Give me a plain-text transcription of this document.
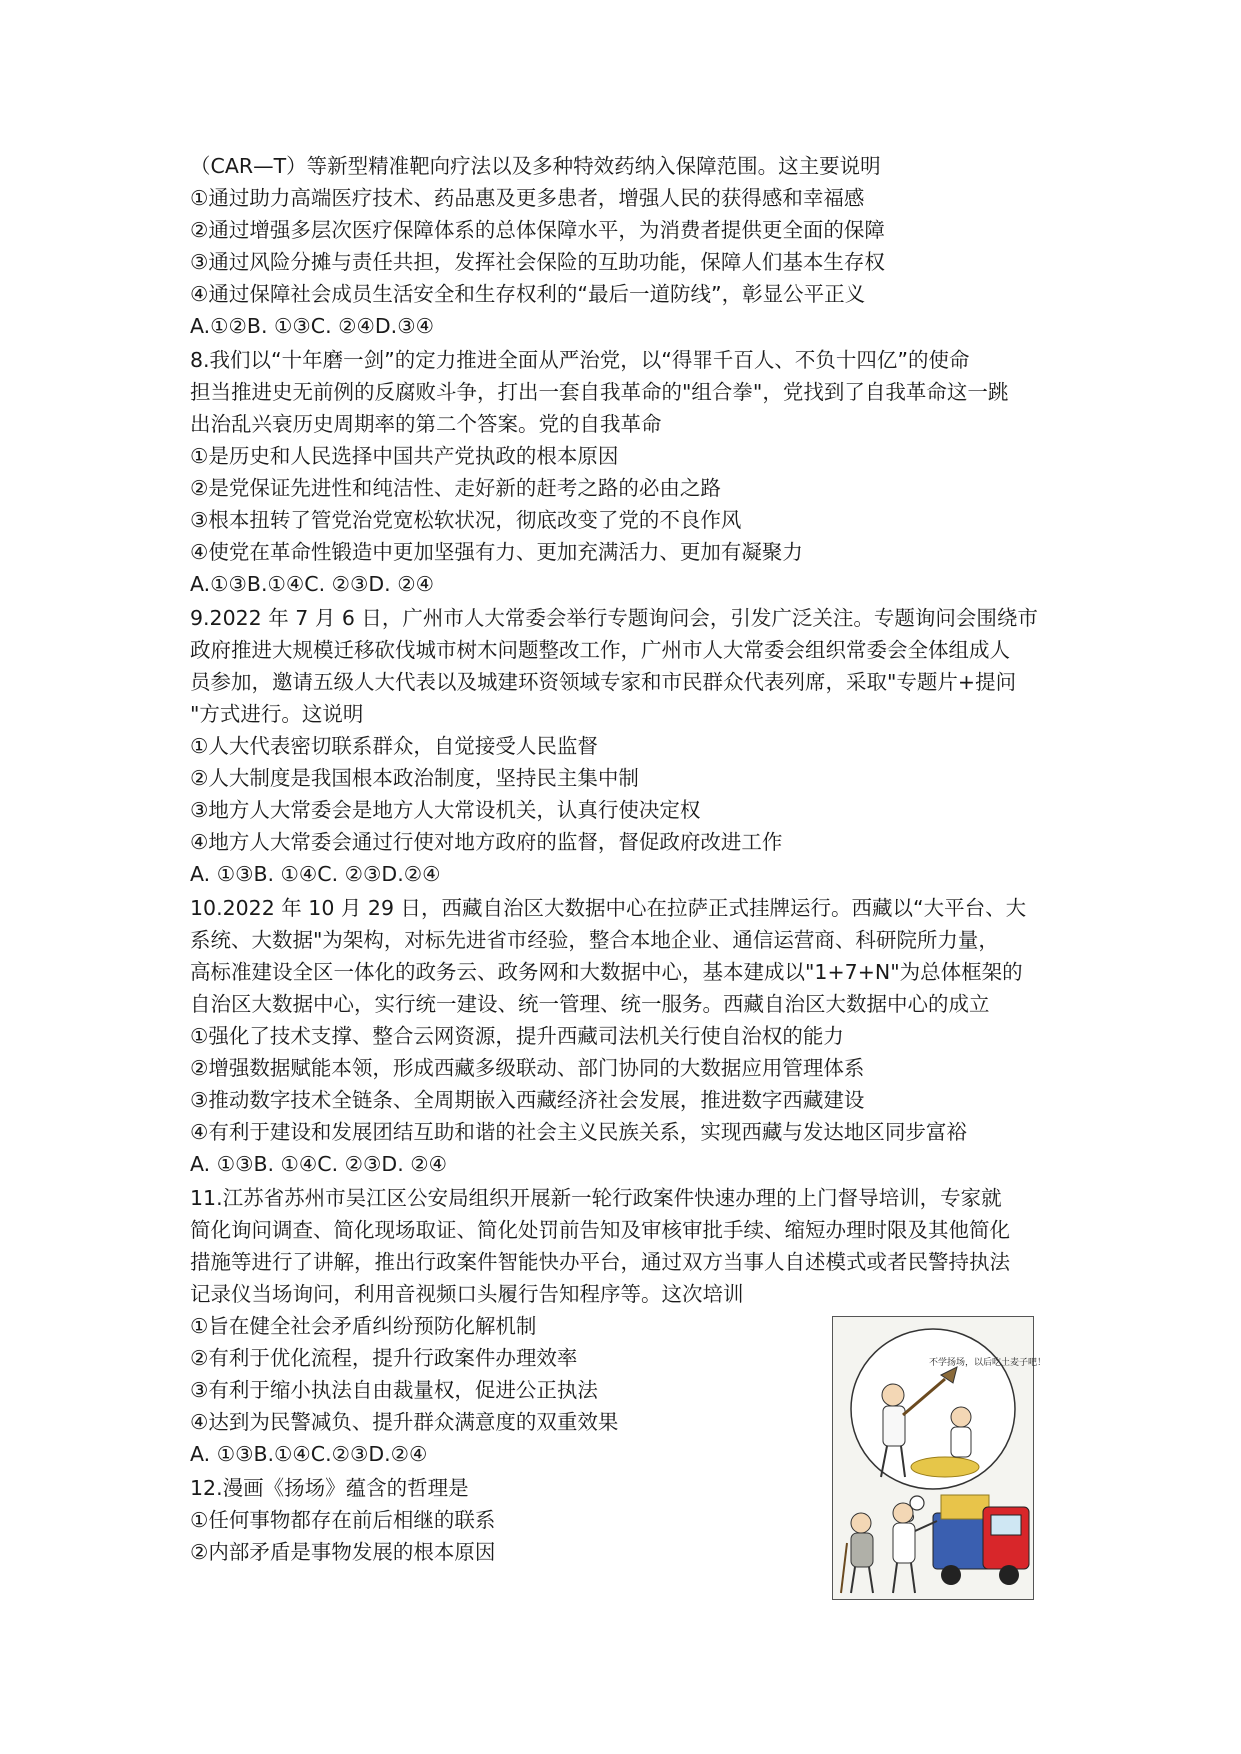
（CAR—T）等新型精准靶向疗法以及多种特效药纳入保障范围。这主要说明
①通过助力高端医疗技术、药品惠及更多患者，增强人民的获得感和幸福感
②通过增强多层次医疗保障体系的总体保障水平，为消费者提供更全面的保障
③通过风险分摊与责任共担，发挥社会保险的互助功能，保障人们基本生存权
④通过保障社会成员生活安全和生存权利的“最后一道防线”，彰显公平正义
A.①②B. ①③C. ②④D.③④
8.我们以“十年磨一剑”的定力推进全面从严治党，以“得罪千百人、不负十四亿”的使命
担当推进史无前例的反腐败斗争，打出一套自我革命的"组合拳"，党找到了自我革命这一跳
出治乱兴衰历史周期率的第二个答案。党的自我革命
①是历史和人民选择中国共产党执政的根本原因
②是党保证先进性和纯洁性、走好新的赶考之路的必由之路
③根本扭转了管党治党宽松软状况，彻底改变了党的不良作风
④使党在革命性锻造中更加坚强有力、更加充满活力、更加有凝聚力
A.①③B.①④C. ②③D. ②④
9.2022 年 7 月 6 日，广州市人大常委会举行专题询问会，引发广泛关注。专题询问会围绕市
政府推进大规模迁移砍伐城市树木问题整改工作，广州市人大常委会组织常委会全体组成人
员参加，邀请五级人大代表以及城建环资领域专家和市民群众代表列席，采取"专题片+提问
"方式进行。这说明
①人大代表密切联系群众，自觉接受人民监督
②人大制度是我国根本政治制度，坚持民主集中制
③地方人大常委会是地方人大常设机关，认真行使决定权
④地方人大常委会通过行使对地方政府的监督，督促政府改进工作
A. ①③B. ①④C. ②③D.②④
10.2022 年 10 月 29 日，西藏自治区大数据中心在拉萨正式挂牌运行。西藏以“大平台、大
系统、大数据"为架构，对标先进省市经验，整合本地企业、通信运营商、科研院所力量，
高标准建设全区一体化的政务云、政务网和大数据中心，基本建成以"1+7+N"为总体框架的
自治区大数据中心，实行统一建设、统一管理、统一服务。西藏自治区大数据中心的成立
①强化了技术支撑、整合云网资源，提升西藏司法机关行使自治权的能力
②增强数据赋能本领，形成西藏多级联动、部门协同的大数据应用管理体系
③推动数字技术全链条、全周期嵌入西藏经济社会发展，推进数字西藏建设
④有利于建设和发展团结互助和谐的社会主义民族关系，实现西藏与发达地区同步富裕
A. ①③B. ①④C. ②③D. ②④
11.江苏省苏州市吴江区公安局组织开展新一轮行政案件快速办理的上门督导培训，专家就
简化询问调查、简化现场取证、简化处罚前告知及审核审批手续、缩短办理时限及其他简化
措施等进行了讲解，推出行政案件智能快办平台，通过双方当事人自述模式或者民警持执法
记录仪当场询问，利用音视频口头履行告知程序等。这次培训
①旨在健全社会矛盾纠纷预防化解机制
②有利于优化流程，提升行政案件办理效率
③有利于缩小执法自由裁量权，促进公正执法
④达到为民警减负、提升群众满意度的双重效果
A. ①③B.①④C.②③D.②④
12.漫画《扬场》蕴含的哲理是
①任何事物都存在前后相继的联系
②内部矛盾是事物发展的根本原因
不学扬场，以后吃土麦子吧！
